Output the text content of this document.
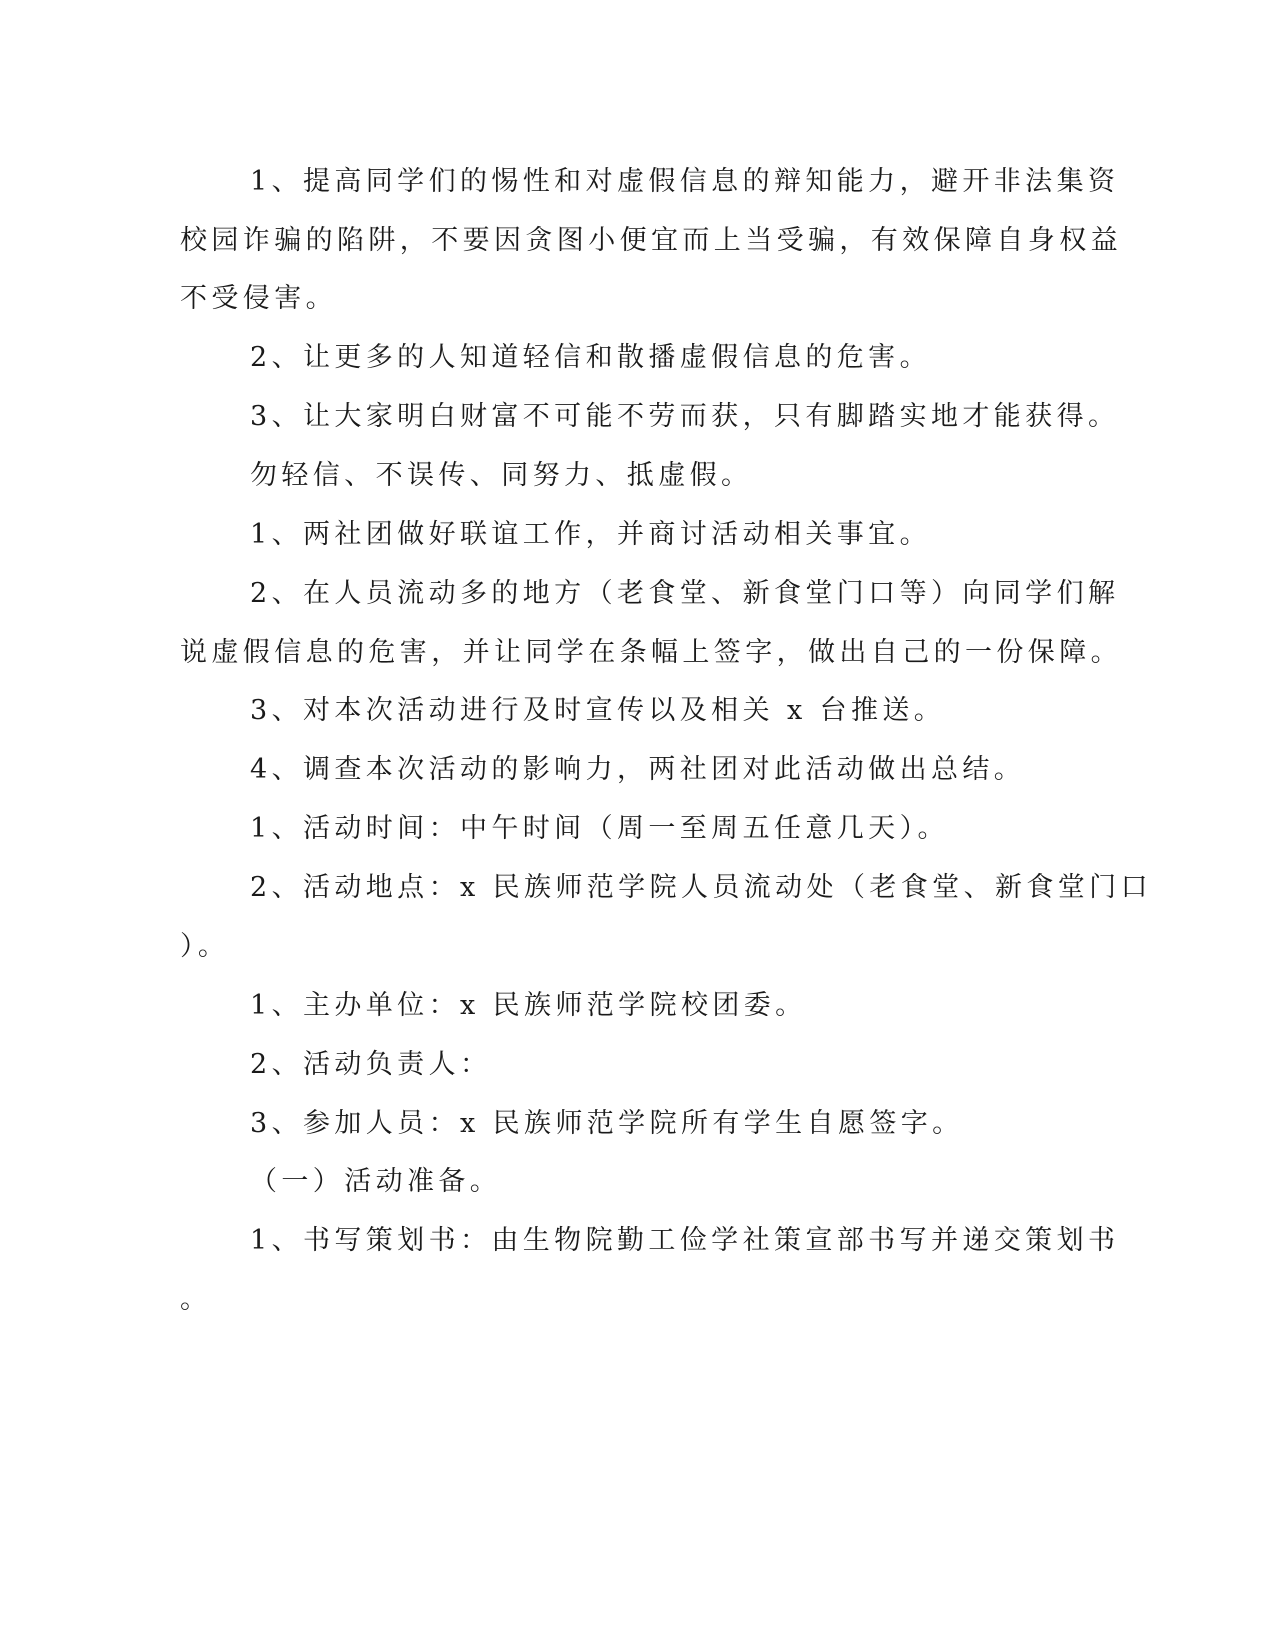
1、提高同学们的惕性和对虚假信息的辩知能力，避开非法集资
校园诈骗的陷阱，不要因贪图小便宜而上当受骗，有效保障自身权益
不受侵害。
2、让更多的人知道轻信和散播虚假信息的危害。
3、让大家明白财富不可能不劳而获，只有脚踏实地才能获得。
勿轻信、不误传、同努力、抵虚假。
1、两社团做好联谊工作，并商讨活动相关事宜。
2、在人员流动多的地方（老食堂、新食堂门口等）向同学们解
说虚假信息的危害，并让同学在条幅上签字，做出自己的一份保障。
3、对本次活动进行及时宣传以及相关 x 台推送。
4、调查本次活动的影响力，两社团对此活动做出总结。
1、活动时间：中午时间（周一至周五任意几天）。
2、活动地点：x 民族师范学院人员流动处（老食堂、新食堂门口
）。
1、主办单位：x 民族师范学院校团委。
2、活动负责人：
3、参加人员：x 民族师范学院所有学生自愿签字。
（一）活动准备。
1、书写策划书：由生物院勤工俭学社策宣部书写并递交策划书
。
